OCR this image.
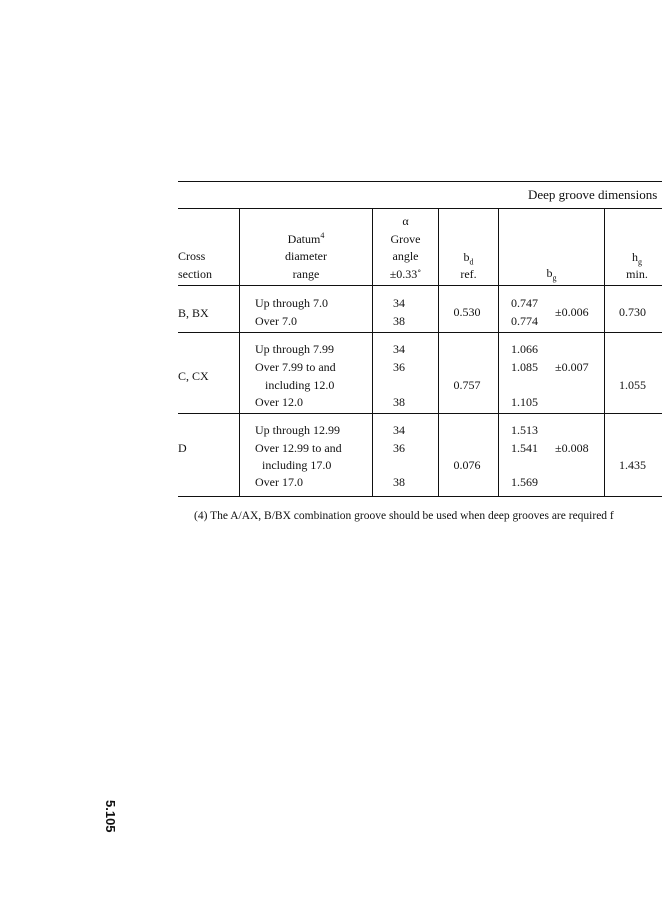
Deep groove dimensions
Cross
section
Datum$^4$
diameter
range
α
Grove
angle
±0.33˚
$b_d$
ref.	$b_g$
$h_g$
min.
B, BX
Up through 7.0
Over 7.0
34
38
0.530
0.747
0.774
±0.006	0.730
C, CX
Up through 7.99
Over 7.99 to and
including 12.0
Over 12.0
34
36
38
0.757
1.066
1.085
1.105
±0.007
1.055
D
Up through 12.99
Over 12.99 to and
including 17.0
Over 17.0
34
36
38
0.076
1.513
1.541
1.569
±0.008
1.435
(4) The A/AX, B/BX combination groove should be used when deep grooves are required f
5.105
